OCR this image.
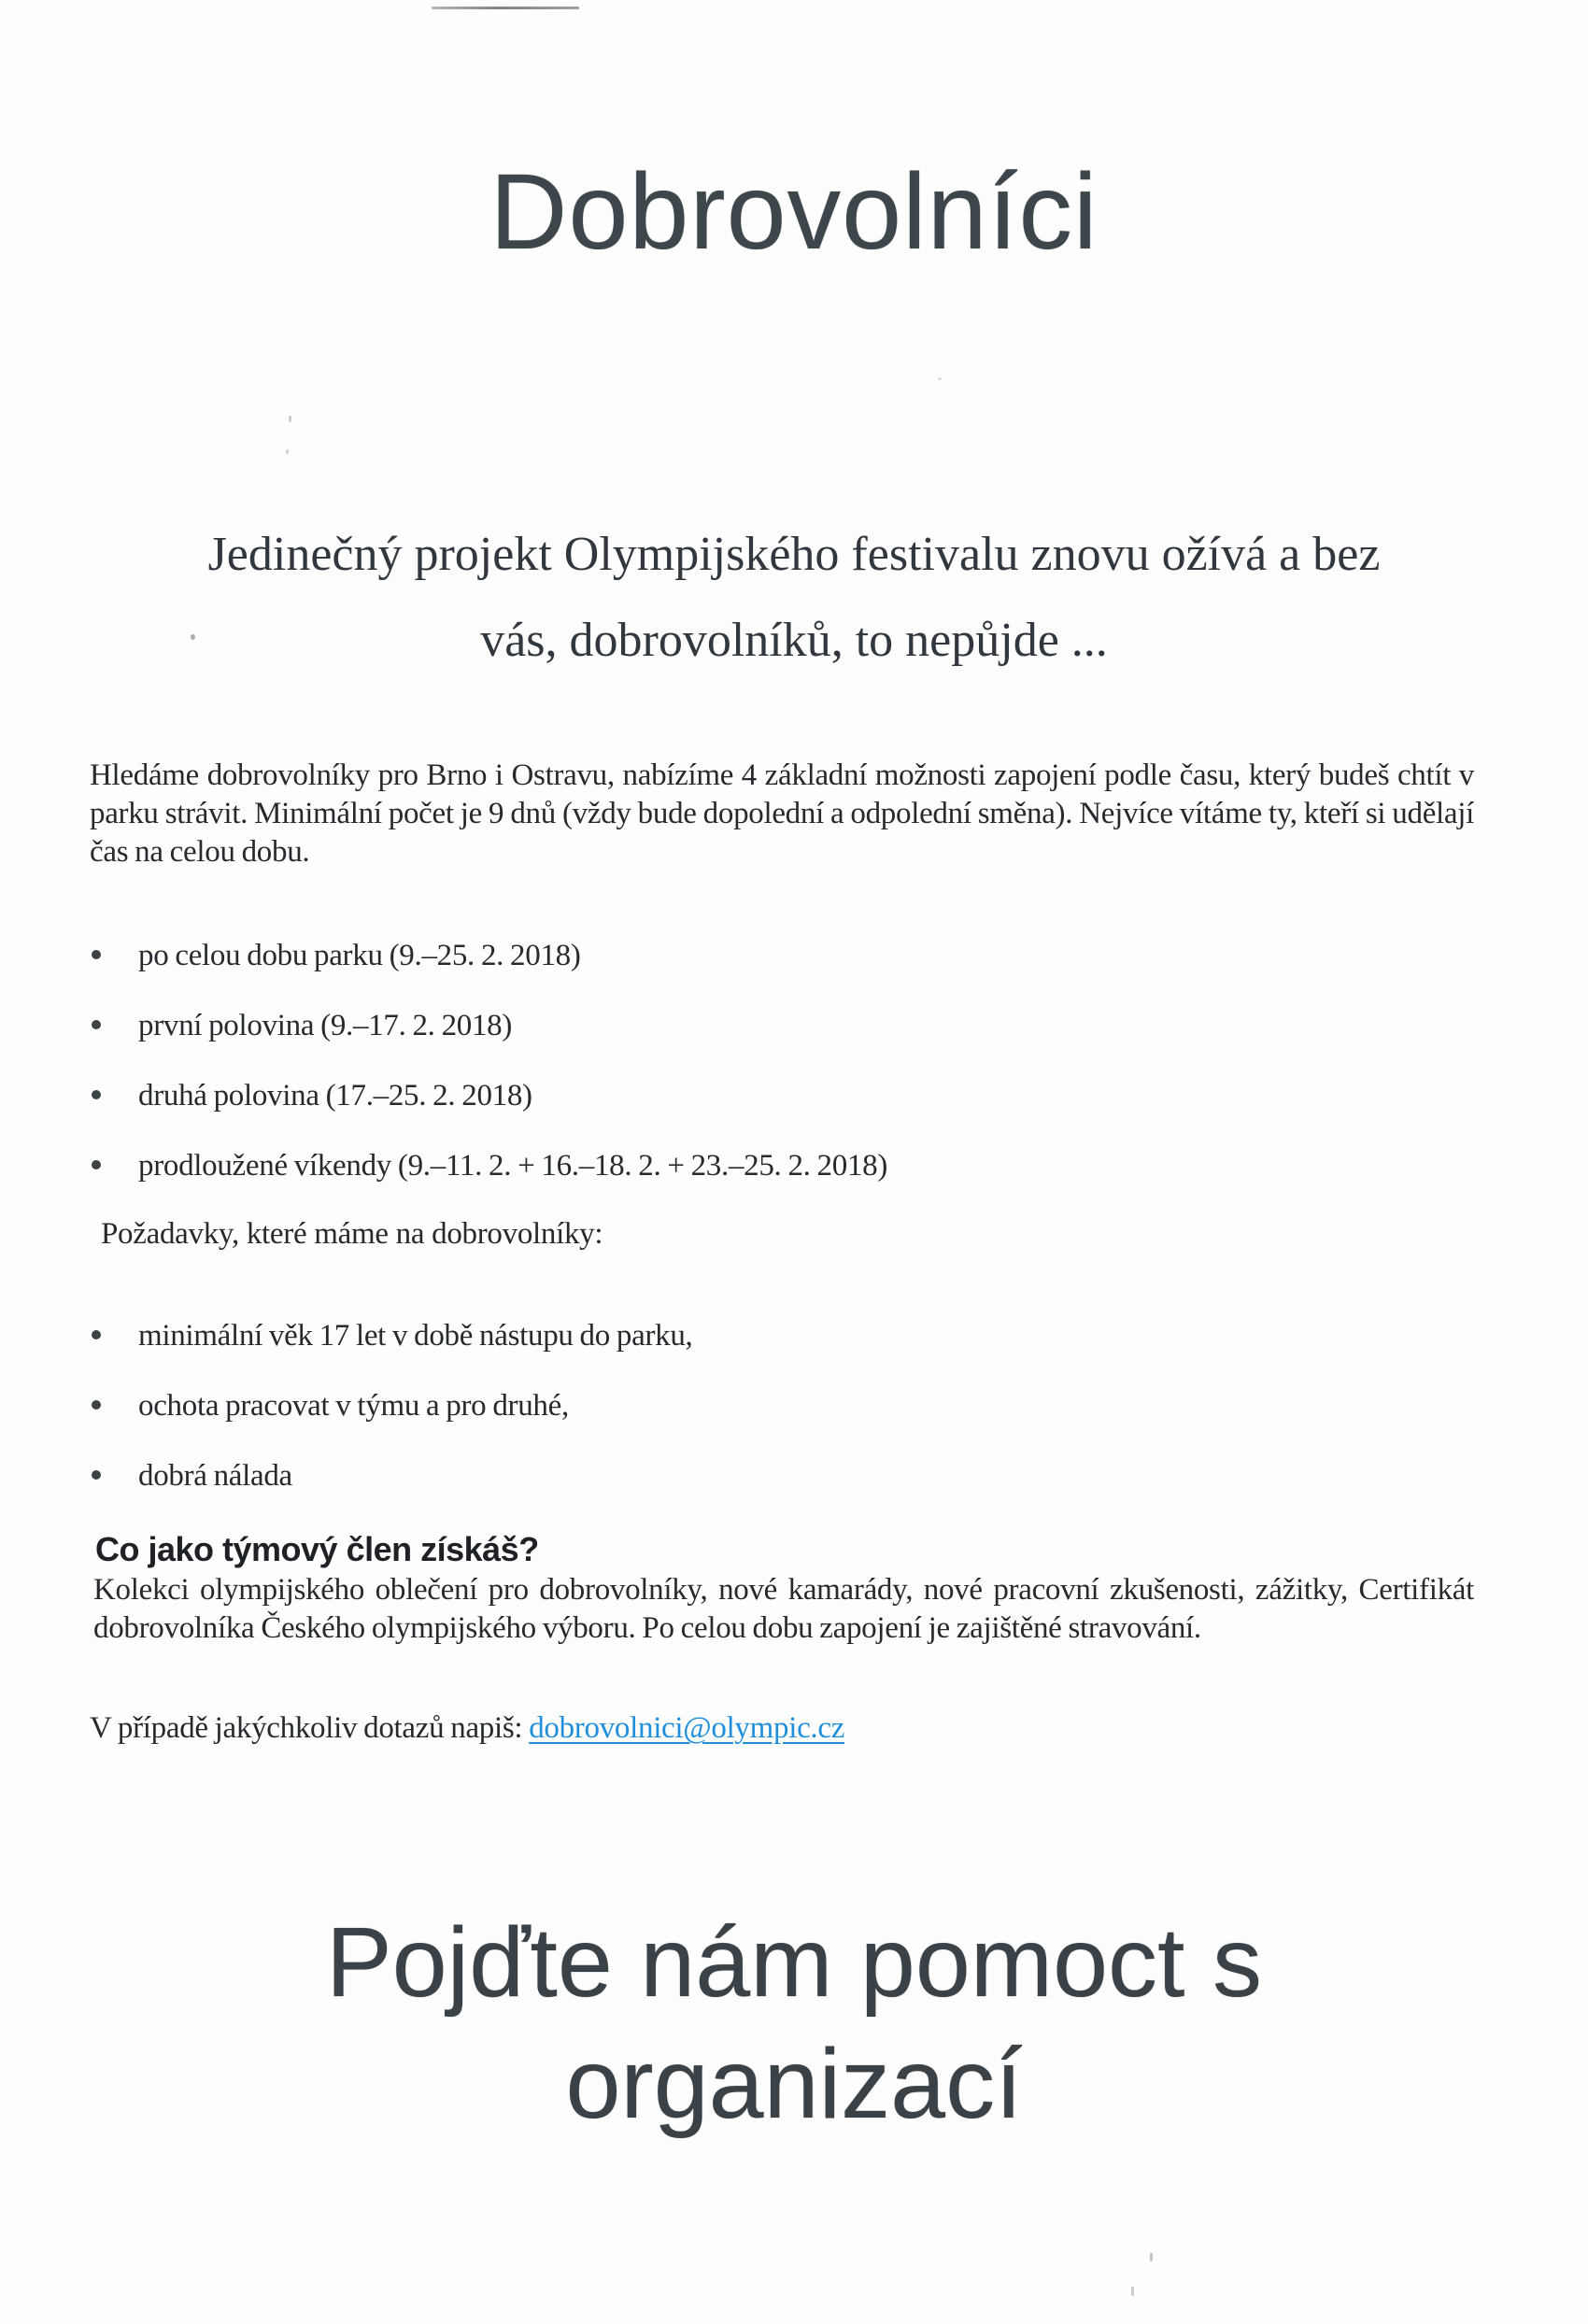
Dobrovolníci
Jedinečný projekt Olympijského festivalu znovu ožívá a bez
vás, dobrovolníků, to nepůjde ...

Hledáme dobrovolníky pro Brno i Ostravu, nabízíme 4 základní možnosti zapojení podle času, který budeš chtít v parku strávit. Minimální počet je 9 dnů (vždy bude dopolední a odpolední směna). Nejvíce vítáme ty, kteří si udělají čas na celou dobu.

po celou dobu parku (9.–25. 2. 2018)
první polovina (9.–17. 2. 2018)
druhá polovina (17.–25. 2. 2018)
prodloužené víkendy (9.–11. 2. + 16.–18. 2. + 23.–25. 2. 2018)

Požadavky, které máme na dobrovolníky:

minimální věk 17 let v době nástupu do parku,
ochota pracovat v týmu a pro druhé,
dobrá nálada
Co jako týmový člen získáš?

Kolekci olympijského oblečení pro dobrovolníky, nové kamarády, nové pracovní zkušenosti, zážitky, Certifikát dobrovolníka Českého olympijského výboru. Po celou dobu zapojení je zajištěné stravování.

V případě jakýchkoliv dotazů napiš: dobrovolnici@olympic.cz

Pojďte nám pomoct s
organizací
